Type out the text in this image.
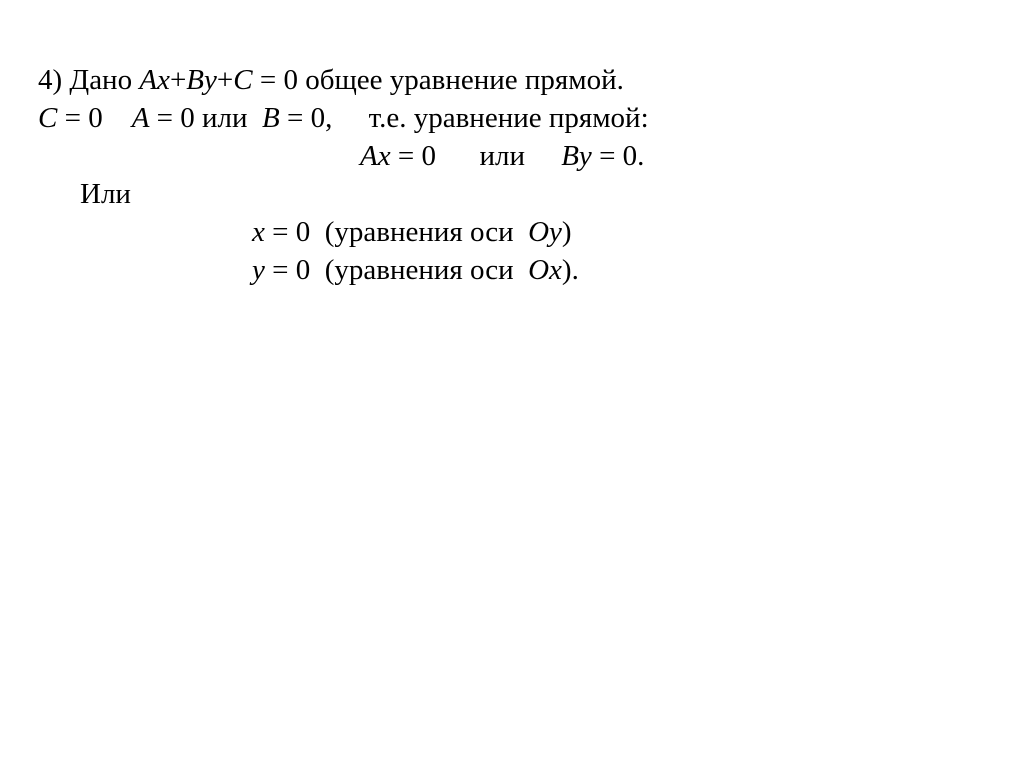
4) Дано Ax+By+C = 0 общее уравнение прямой.
C = 0    A = 0 или  B = 0,     т.е. уравнение прямой:
Ax = 0      или     By = 0.
Или
x = 0  (уравнения оси  Oy)
y = 0  (уравнения оси  Ox).
